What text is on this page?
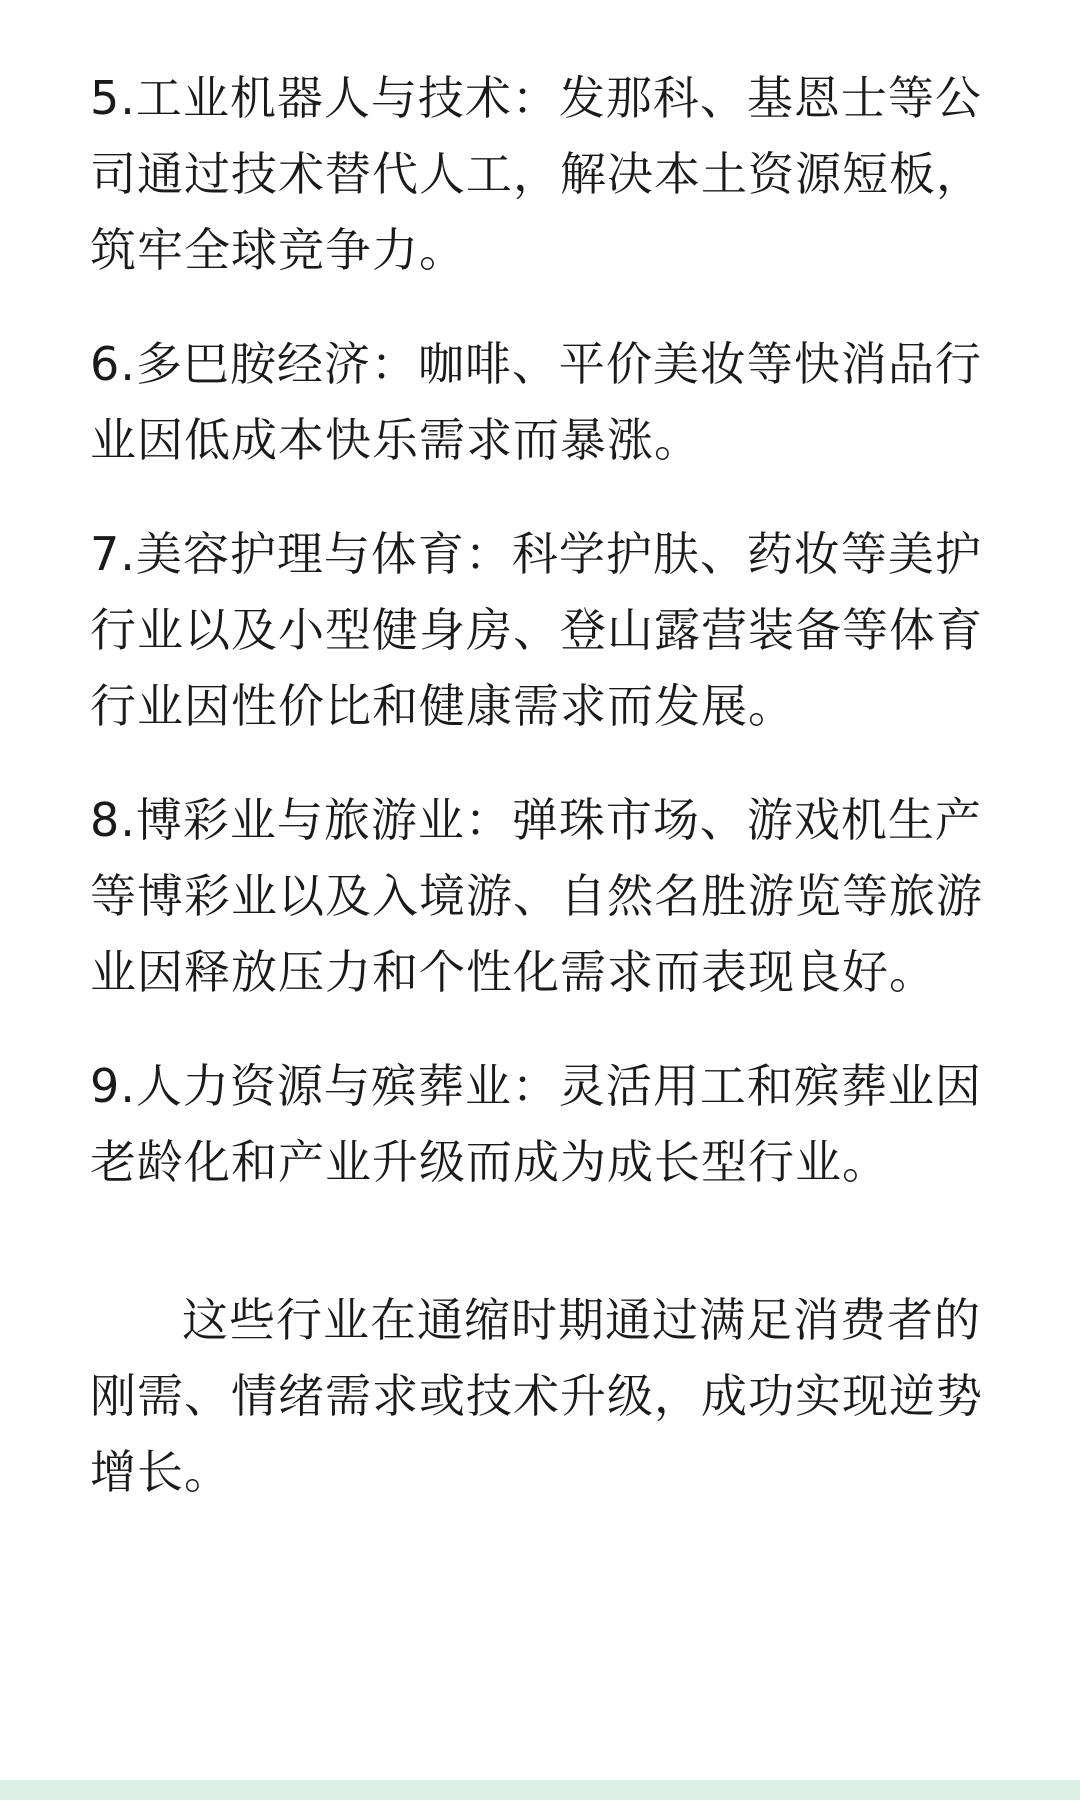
5.工业机器人与技术：发那科、基恩士等公司通过技术替代人工，解决本土资源短板，筑牢全球竞争力。

6.多巴胺经济：咖啡、平价美妆等快消品行业因低成本快乐需求而暴涨。

7.美容护理与体育：科学护肤、药妆等美护行业以及小型健身房、登山露营装备等体育行业因性价比和健康需求而发展。

8.博彩业与旅游业：弹珠市场、游戏机生产等博彩业以及入境游、自然名胜游览等旅游业因释放压力和个性化需求而表现良好。

9.人力资源与殡葬业：灵活用工和殡葬业因老龄化和产业升级而成为成长型行业。

这些行业在通缩时期通过满足消费者的刚需、情绪需求或技术升级，成功实现逆势增长。
